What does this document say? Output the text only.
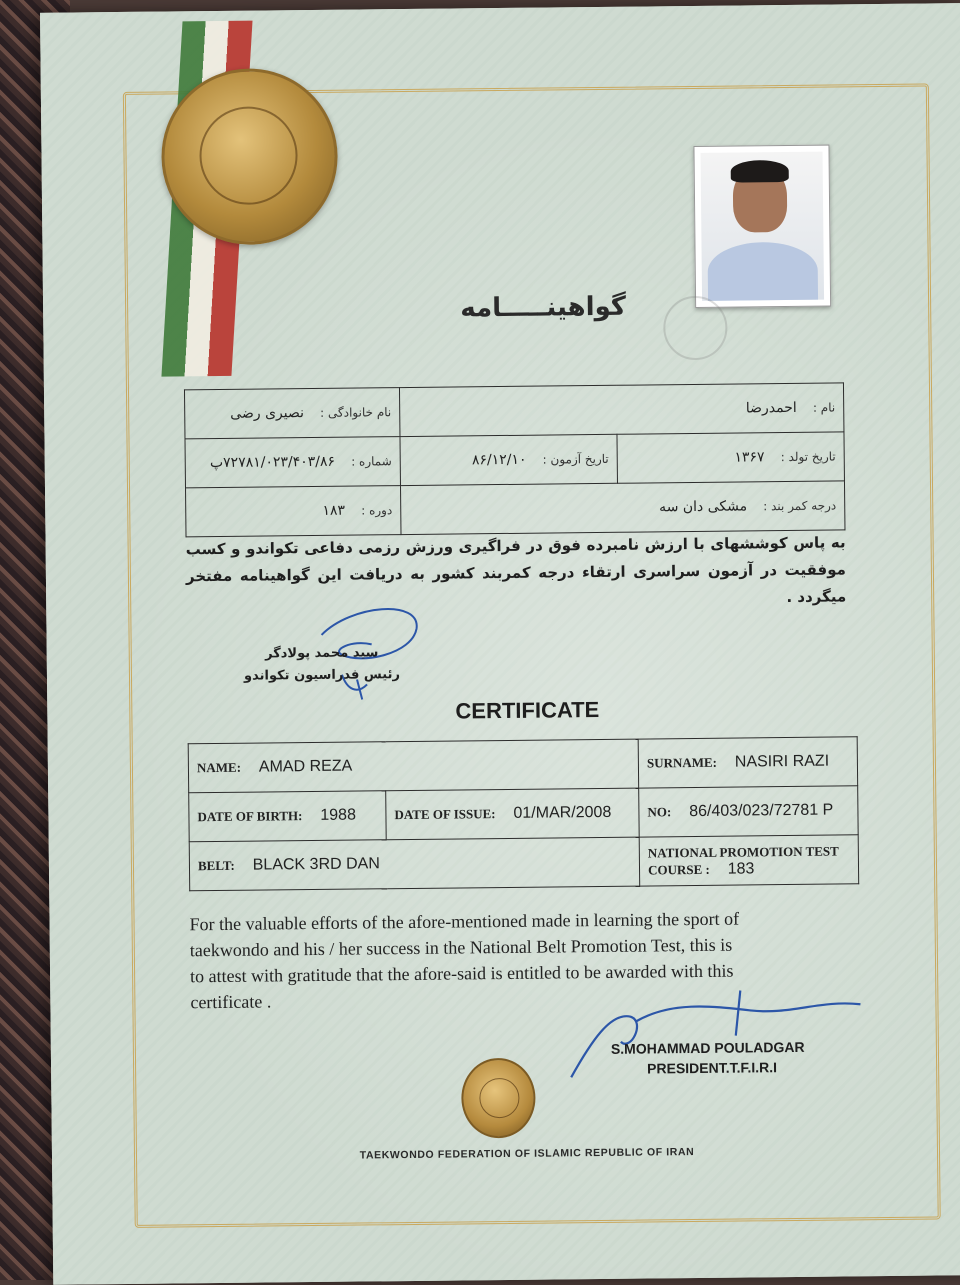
گواهینـــــامه
نام : احمدرضا		نام خانوادگی : نصیری رضی
تاریخ تولد : ۱۳۶۷	تاریخ آزمون : ۸۶/۱۲/۱۰	شماره : ۷۲۷۸۱/۰۲۳/۴۰۳/۸۶پ
درجه کمر بند : مشکی دان سه		دوره : ۱۸۳
به پاس کوششهای با ارزش نامبرده فوق در فراگیری ورزش رزمی دفاعی تکواندو و کسب موفقیت در آزمون سراسری ارتقاء درجه کمربند کشور به دریافت این گواهینامه مفتخر میگردد .
سید محمد پولادگر
رئیس فدراسیون تکواندو
CERTIFICATE
NAME: AMAD REZA		SURNAME: NASIRI RAZI
DATE OF BIRTH: 1988	DATE OF ISSUE: 01/MAR/2008	NO: 86/403/023/72781 P
BELT: BLACK 3RD DAN		NATIONAL PROMOTION TEST COURSE : 183
For the valuable efforts of the afore-mentioned made in learning the sport of
taekwondo and his / her success in the National Belt Promotion Test, this is
to attest with gratitude that the afore-said is entitled to be awarded with this
certificate .
S.MOHAMMAD POULADGAR
PRESIDENT.T.F.I.R.I
TAEKWONDO FEDERATION OF ISLAMIC REPUBLIC OF IRAN
